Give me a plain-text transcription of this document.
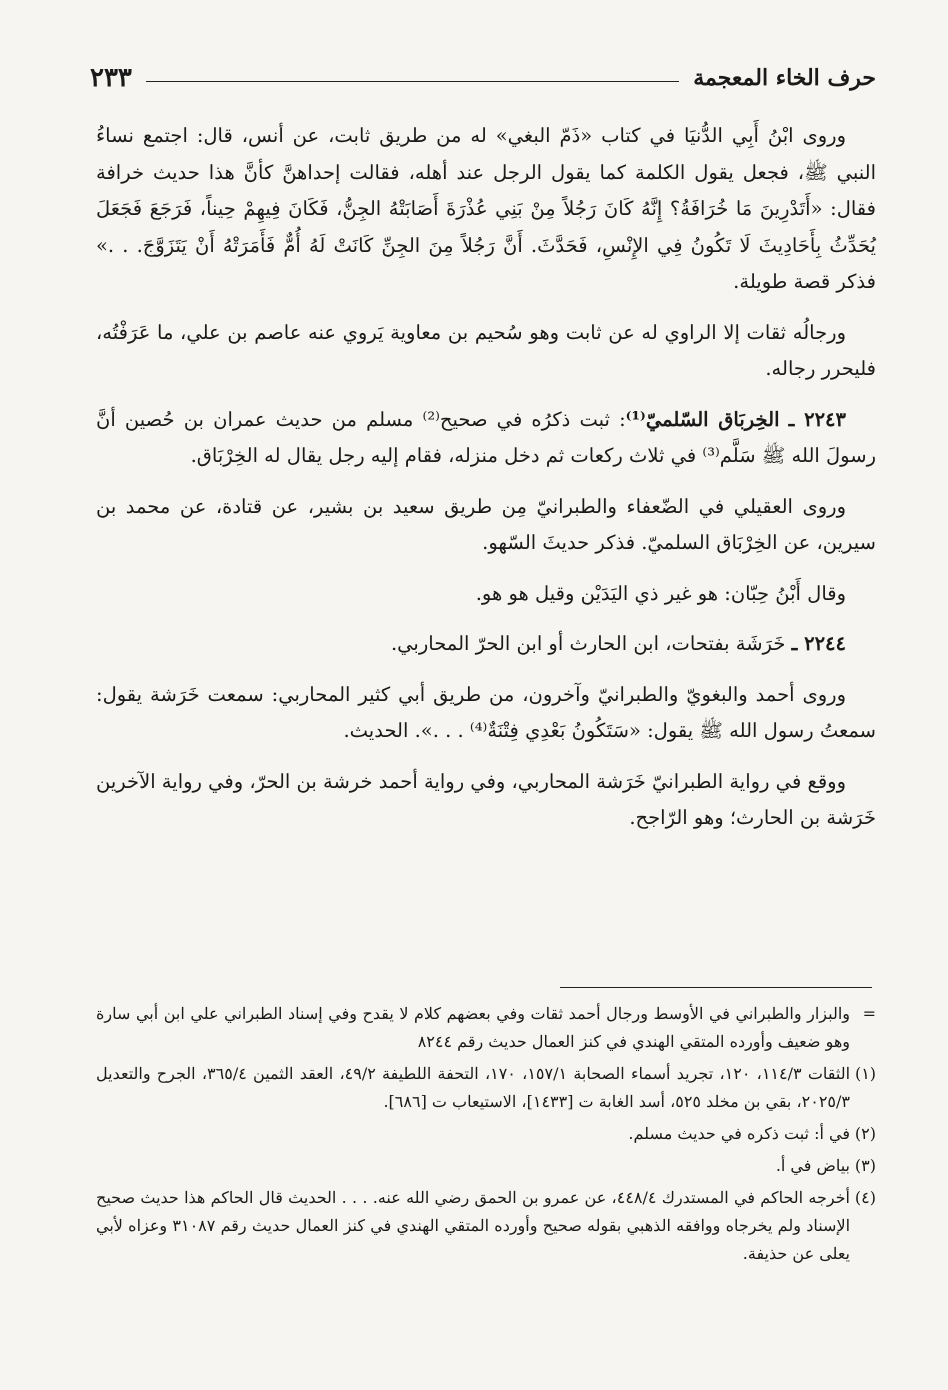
حرف الخاء المعجمة
٢٣٣

وروى ابْنُ أَبِي الدُّنيَا في كتاب «ذَمّ البغي» له من طريق ثابت، عن أنس، قال: اجتمع نساءُ النبي ﷺ، فجعل يقول الكلمة كما يقول الرجل عند أهله، فقالت إحداهنَّ كأنَّ هذا حديث خرافة فقال: «أَتَدْرِينَ مَا خُرَافَةُ؟ إِنَّهُ كَانَ رَجُلاً مِنْ بَنِي عُذْرَةَ أَصَابَتْهُ الجِنُّ، فَكَانَ فِيهِمْ حِيناً، فَرَجَعَ فَجَعَلَ يُحَدِّثُ بِأَحَادِيثَ لَا تَكُونُ فِي الإِنْسِ، فَحَدَّثَ. أَنَّ رَجُلاً مِنَ الجِنِّ كَانَتْ لَهُ أُمٌّ فَأَمَرَتْهُ أَنْ يَتَزَوَّجَ. . .» فذكر قصة طويلة.

ورجالُه ثقات إلا الراوي له عن ثابت وهو سُحيم بن معاوية يَروي عنه عاصم بن علي، ما عَرَفْتُه، فليحرر رجاله.

٢٢٤٣ ـ الخِربَاق السّلميّ⁽¹⁾: ثبت ذكرُه في صحيح⁽²⁾ مسلم من حديث عمران بن حُصين أنَّ رسولَ الله ﷺ سَلَّم⁽³⁾ في ثلاث ركعات ثم دخل منزله، فقام إليه رجل يقال له الخِرْبَاق.

وروى العقيلي في الضّعفاء والطبرانيّ مِن طريق سعيد بن بشير، عن قتادة، عن محمد بن سيرين، عن الخِرْبَاق السلميّ. فذكر حديثَ السّهو.

وقال أَبْنُ حِبّان: هو غير ذي اليَدَيْن وقيل هو هو.

٢٢٤٤ ـ خَرَشَة بفتحات، ابن الحارث أو ابن الحرّ المحاربي.

وروى أحمد والبغويّ والطبرانيّ وآخرون، من طريق أبي كثير المحاربي: سمعت خَرَشة يقول: سمعتُ رسول الله ﷺ يقول: «سَتَكُونُ بَعْدِي فِتْنَةٌ⁽⁴⁾ . . .». الحديث.

ووقع في رواية الطبرانيّ خَرَشة المحاربي، وفي رواية أحمد خرشة بن الحرّ، وفي رواية الآخرين خَرَشة بن الحارث؛ وهو الرّاجح.

=والبزار والطبراني في الأوسط ورجال أحمد ثقات وفي بعضهم كلام لا يقدح وفي إسناد الطبراني علي ابن أبي سارة وهو ضعيف وأورده المتقي الهندي في كنز العمال حديث رقم ٨٢٤٤

(١)الثقات ١١٤/٣، ١٢٠، تجريد أسماء الصحابة ١٥٧/١، ١٧٠، التحفة اللطيفة ٤٩/٢، العقد الثمين ٣٦٥/٤، الجرح والتعديل ٢٠٢٥/٣، بقي بن مخلد ٥٢٥، أسد الغابة ت [١٤٣٣]، الاستيعاب ت [٦٨٦].

(٢)في أ: ثبت ذكره في حديث مسلم.

(٣)بياض في أ.

(٤)أخرجه الحاكم في المستدرك ٤٤٨/٤، عن عمرو بن الحمق رضي الله عنه. . . . الحديث قال الحاكم هذا حديث صحيح الإسناد ولم يخرجاه ووافقه الذهبي بقوله صحيح وأورده المتقي الهندي في كنز العمال حديث رقم ٣١٠٨٧ وعزاه لأبي يعلى عن حذيفة.
